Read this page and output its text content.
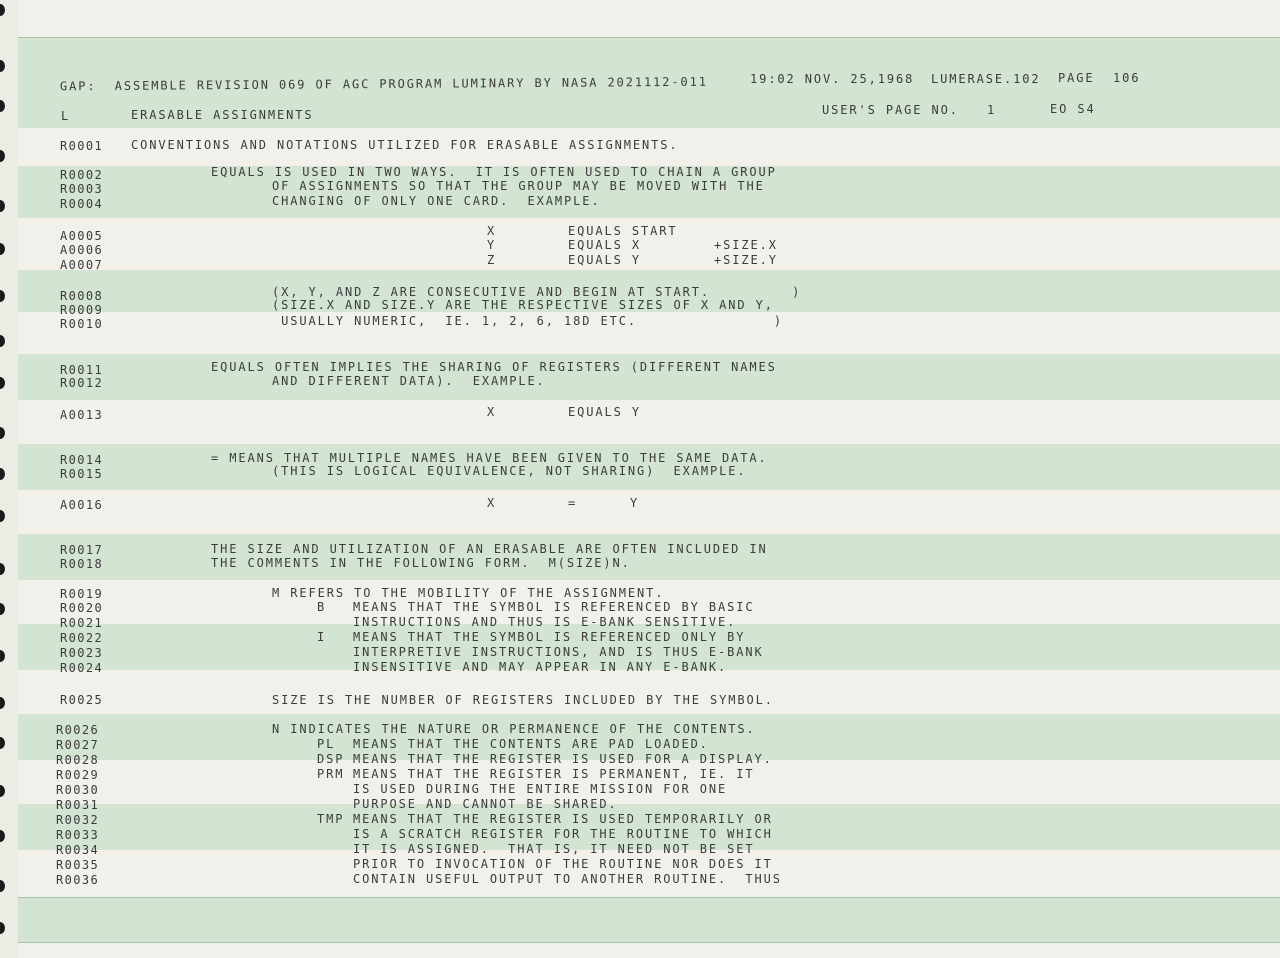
GAP:  ASSEMBLE REVISION 069 OF AGC PROGRAM LUMINARY BY NASA 2021112-011	19:02 NOV. 25,1968 LUMERASE.102 PAGE 106
L	ERASABLE ASSIGNMENTS	USER'S PAGE NO. 1	EO S4
R0001 CONVENTIONS AND NOTATIONS UTILIZED FOR ERASABLE ASSIGNMENTS.
R0002	EQUALS IS USED IN TWO WAYS.  IT IS OFTEN USED TO CHAIN A GROUP
R0003	OF ASSIGNMENTS SO THAT THE GROUP MAY BE MOVED WITH THE
R0004	CHANGING OF ONLY ONE CARD.  EXAMPLE.
A0005	X	EQUALS START
A0006	Y	EQUALS X	+SIZE.X
A0007	Z	EQUALS Y	+SIZE.Y
R0008	(X, Y, AND Z ARE CONSECUTIVE AND BEGIN AT START.         )
R0009	(SIZE.X AND SIZE.Y ARE THE RESPECTIVE SIZES OF X AND Y,
R0010	USUALLY NUMERIC,  IE. 1, 2, 6, 18D ETC.               )
R0011	EQUALS OFTEN IMPLIES THE SHARING OF REGISTERS (DIFFERENT NAMES
R0012	AND DIFFERENT DATA).  EXAMPLE.
A0013	X	EQUALS Y
R0014	= MEANS THAT MULTIPLE NAMES HAVE BEEN GIVEN TO THE SAME DATA.
R0015	(THIS IS LOGICAL EQUIVALENCE, NOT SHARING)  EXAMPLE.
A0016	X	=	Y
R0017	THE SIZE AND UTILIZATION OF AN ERASABLE ARE OFTEN INCLUDED IN
R0018	THE COMMENTS IN THE FOLLOWING FORM.  M(SIZE)N.
R0019	M REFERS TO THE MOBILITY OF THE ASSIGNMENT.
R0020	B MEANS THAT THE SYMBOL IS REFERENCED BY BASIC
R0021	INSTRUCTIONS AND THUS IS E-BANK SENSITIVE.
R0022	I MEANS THAT THE SYMBOL IS REFERENCED ONLY BY
R0023	INTERPRETIVE INSTRUCTIONS, AND IS THUS E-BANK
R0024	INSENSITIVE AND MAY APPEAR IN ANY E-BANK.
R0025	SIZE IS THE NUMBER OF REGISTERS INCLUDED BY THE SYMBOL.
R0026	N INDICATES THE NATURE OR PERMANENCE OF THE CONTENTS.
R0027	PL MEANS THAT THE CONTENTS ARE PAD LOADED.
R0028	DSP MEANS THAT THE REGISTER IS USED FOR A DISPLAY.
R0029	PRM MEANS THAT THE REGISTER IS PERMANENT, IE. IT
R0030	IS USED DURING THE ENTIRE MISSION FOR ONE
R0031	PURPOSE AND CANNOT BE SHARED.
R0032	TMP MEANS THAT THE REGISTER IS USED TEMPORARILY OR
R0033	IS A SCRATCH REGISTER FOR THE ROUTINE TO WHICH
R0034	IT IS ASSIGNED.  THAT IS, IT NEED NOT BE SET
R0035	PRIOR TO INVOCATION OF THE ROUTINE NOR DOES IT
R0036	CONTAIN USEFUL OUTPUT TO ANOTHER ROUTINE.  THUS
